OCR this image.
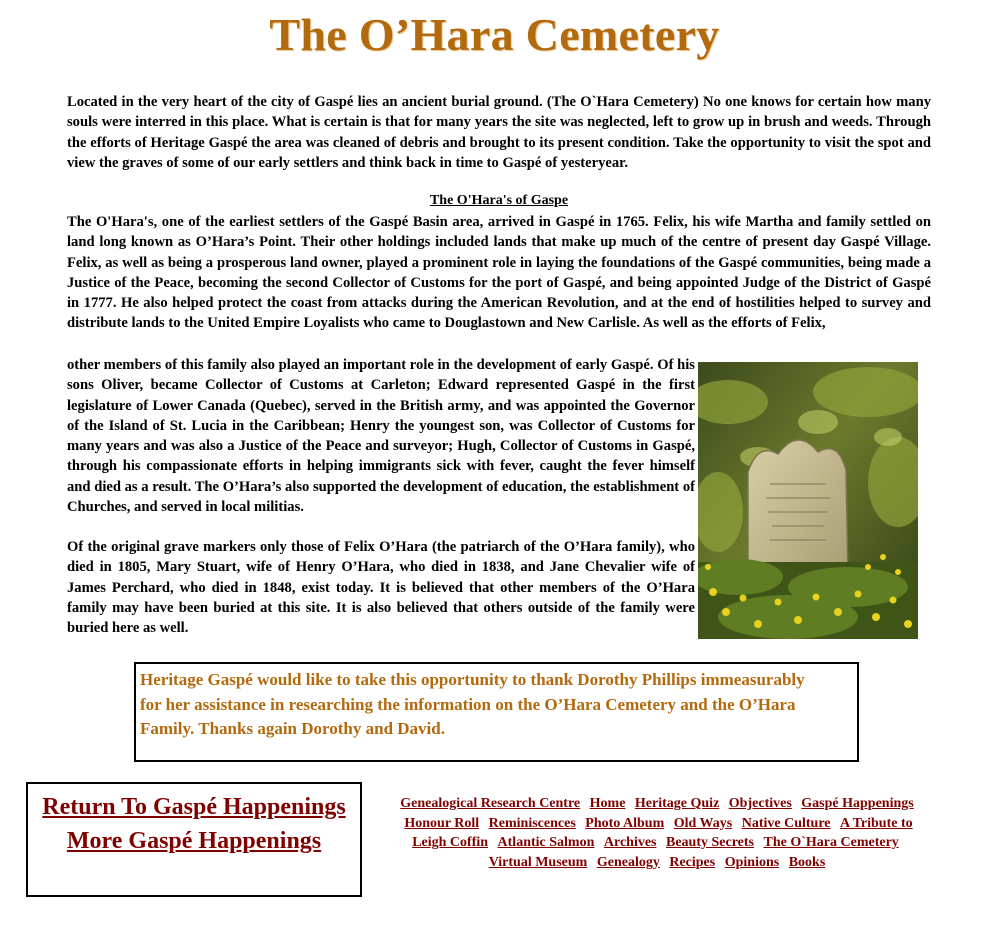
The O’Hara Cemetery

Located in the very heart of the city of Gaspé lies an ancient burial ground. (The O`Hara Cemetery) No one knows for certain how many souls were interred in this place. What is certain is that for many years the site was neglected, left to grow up in brush and weeds. Through the efforts of Heritage Gaspé the area was cleaned of debris and brought to its present condition. Take the opportunity to visit the spot and view the graves of some of our early settlers and think back in time to Gaspé of yesteryear.

The O'Hara's of Gaspe

The O'Hara's, one of the earliest settlers of the Gaspé Basin area, arrived in Gaspé in 1765. Felix, his wife Martha and family settled on land long known as O’Hara’s Point. Their other holdings included lands that make up much of the centre of present day Gaspé Village. Felix, as well as being a prosperous land owner, played a prominent role in laying the foundations of the Gaspé communities, being made a Justice of the Peace, becoming the second Collector of Customs for the port of Gaspé, and being appointed Judge of the District of Gaspé in 1777. He also helped protect the coast from attacks during the American Revolution, and at the end of hostilities helped to survey and distribute lands to the United Empire Loyalists who came to Douglastown and New Carlisle. As well as the efforts of Felix,

other members of this family also played an important role in the development of early Gaspé. Of his sons Oliver, became Collector of Customs at Carleton; Edward represented Gaspé in the first legislature of Lower Canada (Quebec), served in the British army, and was appointed the Governor of the Island of St. Lucia in the Caribbean; Henry the youngest son, was Collector of Customs for many years and was also a Justice of the Peace and surveyor; Hugh, Collector of Customs in Gaspé, through his compassionate efforts in helping immigrants sick with fever, caught the fever himself and died as a result. The O’Hara’s also supported the development of education, the establishment of Churches, and served in local militias.

Of the original grave markers only those of Felix O’Hara (the patriarch of the O’Hara family), who died in 1805, Mary Stuart, wife of Henry O’Hara, who died in 1838, and Jane Chevalier wife of James Perchard, who died in 1848, exist today. It is believed that other members of the O’Hara family may have been buried at this site. It is also believed that others outside of the family were buried here as well.

Heritage Gaspé would like to take this opportunity to thank Dorothy Phillips immeasurably for her assistance in researching the information on the O’Hara Cemetery and the O’Hara Family. Thanks again Dorothy and David.

Return To Gaspé Happenings
More Gaspé Happenings
Genealogical Research Centre Home Heritage Quiz Objectives Gaspé Happenings Honour Roll Reminiscences Photo Album Old Ways Native Culture A Tribute to Leigh Coffin Atlantic Salmon Archives Beauty Secrets The O`Hara Cemetery Virtual Museum Genealogy Recipes Opinions Books
